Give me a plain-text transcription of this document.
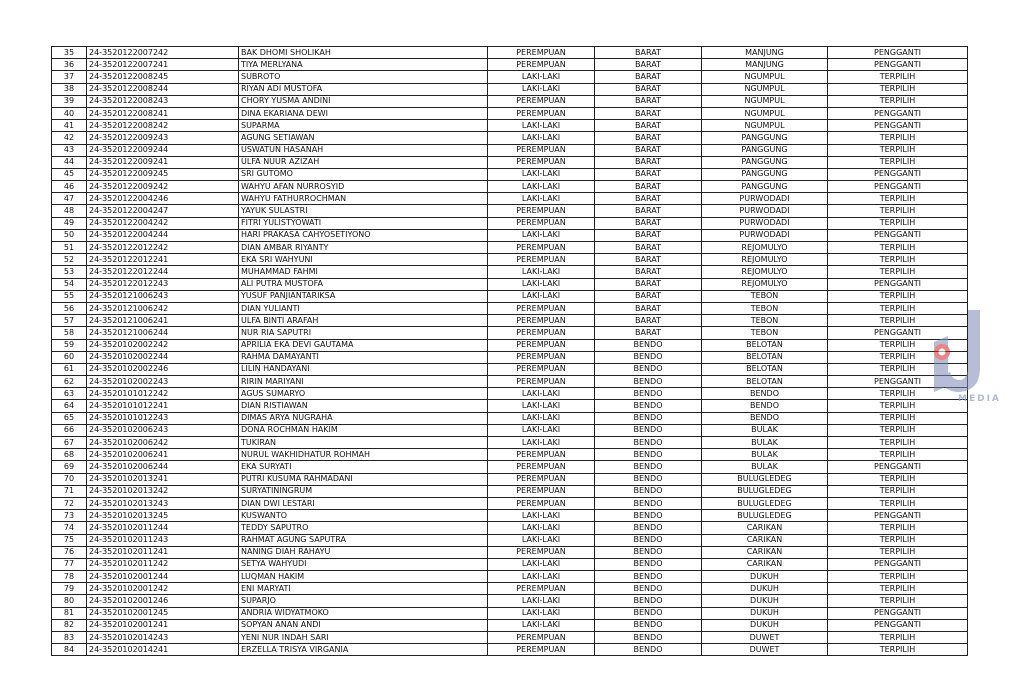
35	24-3520122007242	BAK DHOMI SHOLIKAH	PEREMPUAN	BARAT	MANJUNG	PENGGANTI
36	24-3520122007241	TIYA MERLYANA	PEREMPUAN	BARAT	MANJUNG	PENGGANTI
37	24-3520122008245	SUBROTO	LAKI-LAKI	BARAT	NGUMPUL	TERPILIH
38	24-3520122008244	RIYAN ADI MUSTOFA	LAKI-LAKI	BARAT	NGUMPUL	TERPILIH
39	24-3520122008243	CHORY YUSMA ANDINI	PEREMPUAN	BARAT	NGUMPUL	TERPILIH
40	24-3520122008241	DINA EKARIANA DEWI	PEREMPUAN	BARAT	NGUMPUL	PENGGANTI
41	24-3520122008242	SUPARMA	LAKI-LAKI	BARAT	NGUMPUL	PENGGANTI
42	24-3520122009243	AGUNG SETIAWAN	LAKI-LAKI	BARAT	PANGGUNG	TERPILIH
43	24-3520122009244	USWATUN HASANAH	PEREMPUAN	BARAT	PANGGUNG	TERPILIH
44	24-3520122009241	ULFA NUUR AZIZAH	PEREMPUAN	BARAT	PANGGUNG	TERPILIH
45	24-3520122009245	SRI GUTOMO	LAKI-LAKI	BARAT	PANGGUNG	PENGGANTI
46	24-3520122009242	WAHYU AFAN NURROSYID	LAKI-LAKI	BARAT	PANGGUNG	PENGGANTI
47	24-3520122004246	WAHYU FATHURROCHMAN	LAKI-LAKI	BARAT	PURWODADI	TERPILIH
48	24-3520122004247	YAYUK SULASTRI	PEREMPUAN	BARAT	PURWODADI	TERPILIH
49	24-3520122004242	FITRI YULISTYOWATI	PEREMPUAN	BARAT	PURWODADI	TERPILIH
50	24-3520122004244	HARI PRAKASA CAHYOSETIYONO	LAKI-LAKI	BARAT	PURWODADI	PENGGANTI
51	24-3520122012242	DIAN AMBAR RIYANTY	PEREMPUAN	BARAT	REJOMULYO	TERPILIH
52	24-3520122012241	EKA SRI WAHYUNI	PEREMPUAN	BARAT	REJOMULYO	TERPILIH
53	24-3520122012244	MUHAMMAD FAHMI	LAKI-LAKI	BARAT	REJOMULYO	TERPILIH
54	24-3520122012243	ALI PUTRA MUSTOFA	LAKI-LAKI	BARAT	REJOMULYO	PENGGANTI
55	24-3520121006243	YUSUF PANJIANTARIKSA	LAKI-LAKI	BARAT	TEBON	TERPILIH
56	24-3520121006242	DIAN YULIANTI	PEREMPUAN	BARAT	TEBON	TERPILIH
57	24-3520121006241	ULFA BINTI ARAFAH	PEREMPUAN	BARAT	TEBON	TERPILIH
58	24-3520121006244	NUR RIA SAPUTRI	PEREMPUAN	BARAT	TEBON	PENGGANTI
59	24-3520102002242	APRILIA EKA DEVI GAUTAMA	PEREMPUAN	BENDO	BELOTAN	TERPILIH
60	24-3520102002244	RAHMA DAMAYANTI	PEREMPUAN	BENDO	BELOTAN	TERPILIH
61	24-3520102002246	LILIN HANDAYANI	PEREMPUAN	BENDO	BELOTAN	TERPILIH
62	24-3520102002243	RIRIN MARIYANI	PEREMPUAN	BENDO	BELOTAN	PENGGANTI
63	24-3520101012242	AGUS SUMARYO	LAKI-LAKI	BENDO	BENDO	TERPILIH
64	24-3520101012241	DIAN RISTIAWAN	LAKI-LAKI	BENDO	BENDO	TERPILIH
65	24-3520101012243	DIMAS ARYA NUGRAHA	LAKI-LAKI	BENDO	BENDO	TERPILIH
66	24-3520102006243	DONA ROCHMAN HAKIM	LAKI-LAKI	BENDO	BULAK	TERPILIH
67	24-3520102006242	TUKIRAN	LAKI-LAKI	BENDO	BULAK	TERPILIH
68	24-3520102006241	NURUL WAKHIDHATUR ROHMAH	PEREMPUAN	BENDO	BULAK	TERPILIH
69	24-3520102006244	EKA SURYATI	PEREMPUAN	BENDO	BULAK	PENGGANTI
70	24-3520102013241	PUTRI KUSUMA RAHMADANI	PEREMPUAN	BENDO	BULUGLEDEG	TERPILIH
71	24-3520102013242	SURYATININGRUM	PEREMPUAN	BENDO	BULUGLEDEG	TERPILIH
72	24-3520102013243	DIAN DWI LESTARI	PEREMPUAN	BENDO	BULUGLEDEG	TERPILIH
73	24-3520102013245	KUSWANTO	LAKI-LAKI	BENDO	BULUGLEDEG	PENGGANTI
74	24-3520102011244	TEDDY SAPUTRO	LAKI-LAKI	BENDO	CARIKAN	TERPILIH
75	24-3520102011243	RAHMAT AGUNG SAPUTRA	LAKI-LAKI	BENDO	CARIKAN	TERPILIH
76	24-3520102011241	NANING DIAH RAHAYU	PEREMPUAN	BENDO	CARIKAN	TERPILIH
77	24-3520102011242	SETYA WAHYUDI	LAKI-LAKI	BENDO	CARIKAN	PENGGANTI
78	24-3520102001244	LUQMAN HAKIM	LAKI-LAKI	BENDO	DUKUH	TERPILIH
79	24-3520102001242	ENI MARYATI	PEREMPUAN	BENDO	DUKUH	TERPILIH
80	24-3520102001246	SUPARJO	LAKI-LAKI	BENDO	DUKUH	TERPILIH
81	24-3520102001245	ANDRIA WIDYATMOKO	LAKI-LAKI	BENDO	DUKUH	PENGGANTI
82	24-3520102001241	SOPYAN ANAN ANDI	LAKI-LAKI	BENDO	DUKUH	PENGGANTI
83	24-3520102014243	YENI NUR INDAH SARI	PEREMPUAN	BENDO	DUWET	TERPILIH
84	24-3520102014241	ERZELLA TRISYA VIRGANIA	PEREMPUAN	BENDO	DUWET	TERPILIH
MEDIA
